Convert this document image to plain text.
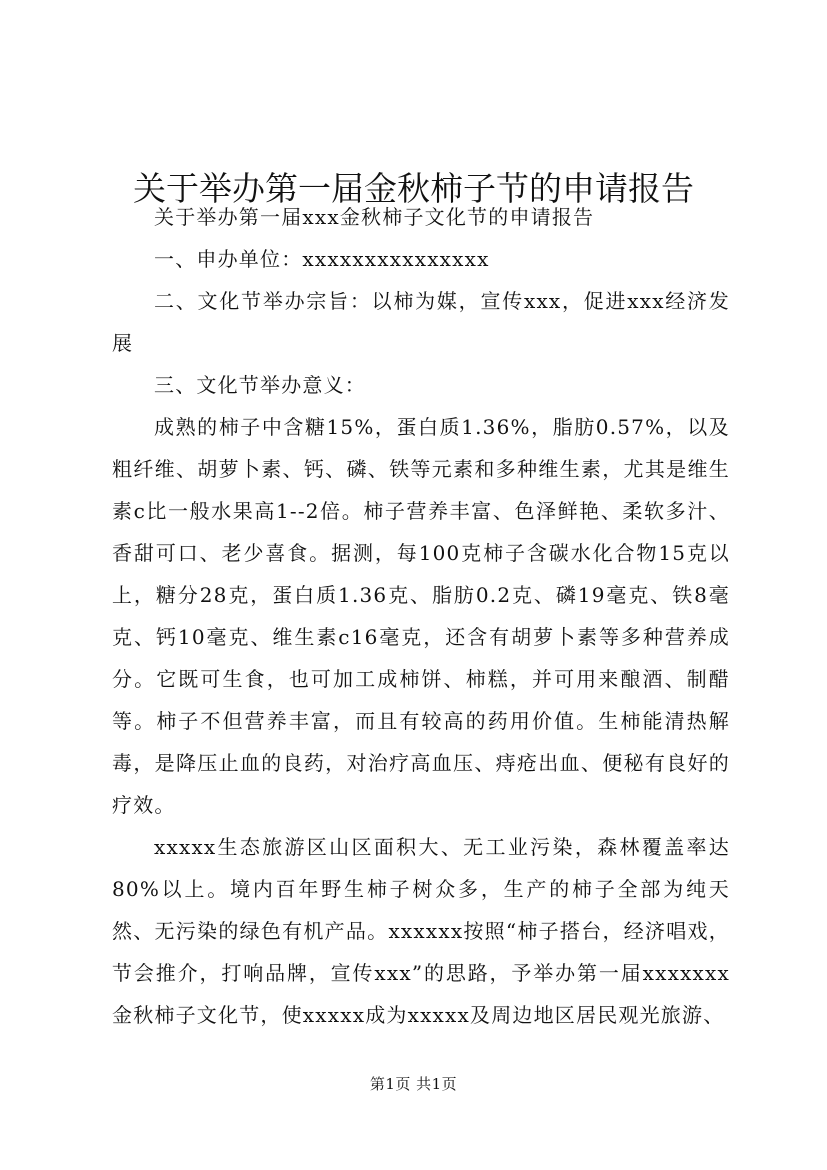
关于举办第一届金秋柿子节的申请报告

关于举办第一届xxx金秋柿子文化节的申请报告

一、申办单位：xxxxxxxxxxxxxxx

二、文化节举办宗旨：以柿为媒，宣传xxx，促进xxx经济发展

三、文化节举办意义：

成熟的柿子中含糖15%，蛋白质1.36%，脂肪0.57%，以及粗纤维、胡萝卜素、钙、磷、铁等元素和多种维生素，尤其是维生素c比一般水果高1--2倍。柿子营养丰富、色泽鲜艳、柔软多汁、香甜可口、老少喜食。据测，每100克柿子含碳水化合物15克以上，糖分28克，蛋白质1.36克、脂肪0.2克、磷19毫克、铁8毫克、钙10毫克、维生素c16毫克，还含有胡萝卜素等多种营养成分。它既可生食，也可加工成柿饼、柿糕，并可用来酿酒、制醋等。柿子不但营养丰富，而且有较高的药用价值。生柿能清热解毒，是降压止血的良药，对治疗高血压、痔疮出血、便秘有良好的疗效。

xxxxx生态旅游区山区面积大、无工业污染，森林覆盖率达80%以上。境内百年野生柿子树众多，生产的柿子全部为纯天然、无污染的绿色有机产品。xxxxxx按照“柿子搭台，经济唱戏，节会推介，打响品牌，宣传xxx”的思路，予举办第一届xxxxxxx金秋柿子文化节，使xxxxx成为xxxxx及周边地区居民观光旅游、

第1页 共1页
